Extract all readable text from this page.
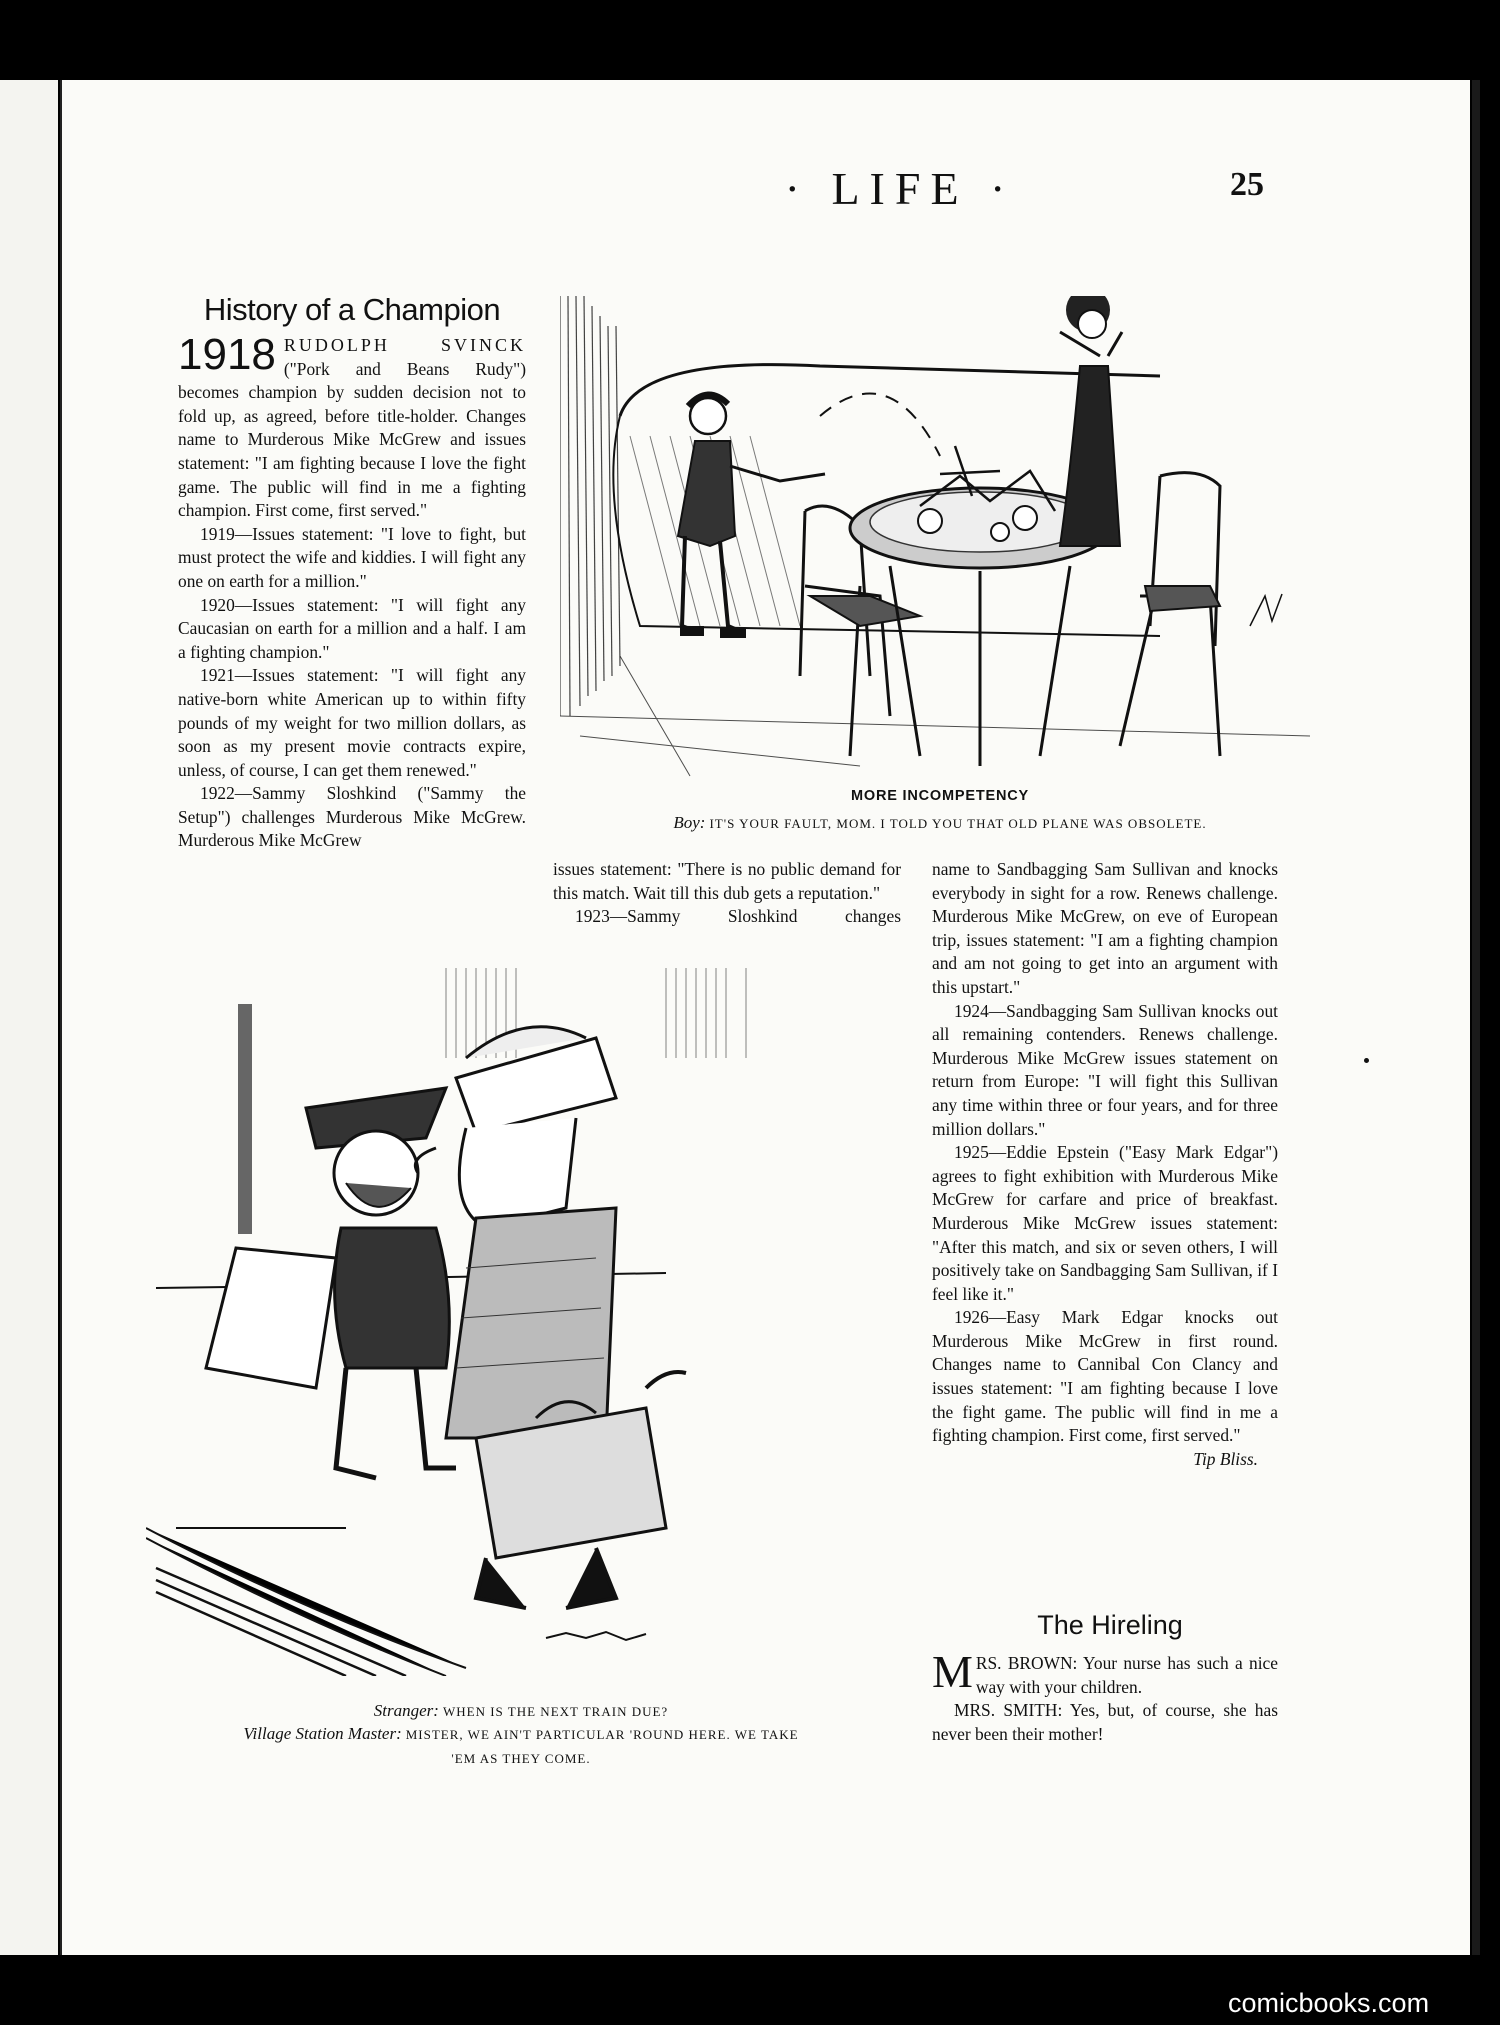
· LIFE ·	25
History of a Champion

1918 RUDOLPH SVINCK ("Pork and Beans Rudy") becomes champion by sudden decision not to fold up, as agreed, before title-holder. Changes name to Murderous Mike McGrew and issues statement: "I am fighting because I love the fight game. The public will find in me a fighting champion. First come, first served."

1919—Issues statement: "I love to fight, but must protect the wife and kiddies. I will fight any one on earth for a million."

1920—Issues statement: "I will fight any Caucasian on earth for a million and a half. I am a fighting champion."

1921—Issues statement: "I will fight any native-born white American up to within fifty pounds of my weight for two million dollars, as soon as my present movie contracts expire, unless, of course, I can get them renewed."

1922—Sammy Sloshkind ("Sammy the Setup") challenges Murderous Mike McGrew. Murderous Mike McGrew

issues statement: "There is no public demand for this match. Wait till this dub gets a reputation."

1923—Sammy Sloshkind changes

name to Sandbagging Sam Sullivan and knocks everybody in sight for a row. Renews challenge. Murderous Mike McGrew, on eve of European trip, issues statement: "I am a fighting champion and am not going to get into an argument with this upstart."

1924—Sandbagging Sam Sullivan knocks out all remaining contenders. Renews challenge. Murderous Mike McGrew issues statement on return from Europe: "I will fight this Sullivan any time within three or four years, and for three million dollars."

1925—Eddie Epstein ("Easy Mark Edgar") agrees to fight exhibition with Murderous Mike McGrew for carfare and price of breakfast. Murderous Mike McGrew issues statement: "After this match, and six or seven others, I will positively take on Sandbagging Sam Sullivan, if I feel like it."

1926—Easy Mark Edgar knocks out Murderous Mike McGrew in first round. Changes name to Cannibal Con Clancy and issues statement: "I am fighting because I love the fight game. The public will find in me a fighting champion. First come, first served."
Tip Bliss.

MORE INCOMPETENCY
Boy: IT'S YOUR FAULT, MOM. I TOLD YOU THAT OLD PLANE WAS OBSOLETE.
Stranger: WHEN IS THE NEXT TRAIN DUE?
Village Station Master: MISTER, WE AIN'T PARTICULAR 'ROUND HERE. WE TAKE
'EM AS THEY COME.
The Hireling

M RS. BROWN: Your nurse has such a nice way with your children.

MRS. SMITH: Yes, but, of course, she has never been their mother!

comicbooks.com
